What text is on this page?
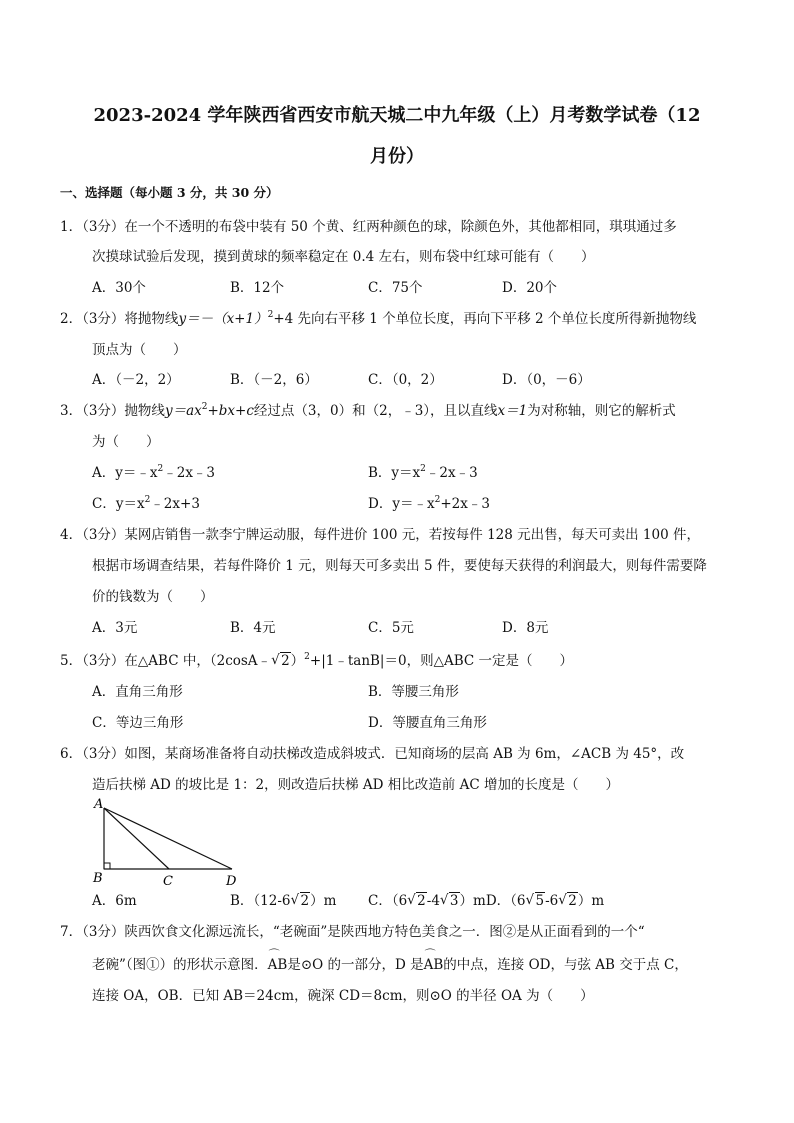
2023-2024 学年陕西省西安市航天城二中九年级（上）月考数学试卷（12
月份）
一、选择题（每小题 3 分，共 30 分）
1．（3分）在一个不透明的布袋中装有 50 个黄、红两种颜色的球，除颜色外，其他都相同，琪琪通过多
次摸球试验后发现，摸到黄球的频率稳定在 0.4 左右，则布袋中红球可能有（　　）
A．30个	B．12个	C．75个	D．20个
2．（3分）将抛物线$y=-(x+1)^2+4$ 先向右平移 1 个单位长度，再向下平移 2 个单位长度所得新抛物线
顶点为（　　）
A．（－2，2）	B．（－2，6）	C．（0，2）	D．（0，－6）
3．（3分）抛物线$y=ax^2+bx+c$经过点（3，0）和（2，﹣3），且以直线x＝1为对称轴，则它的解析式
为（　　）
A．$y=﹣x^2﹣2x﹣3$	B．$y=x^2﹣2x﹣3$
C．$y=x^2﹣2x+3$	D．$y=﹣x^2+2x﹣3$
4．（3分）某网店销售一款李宁牌运动服，每件进价 100 元，若按每件 128 元出售，每天可卖出 100 件，
根据市场调查结果，若每件降价 1 元，则每天可多卖出 5 件，要使每天获得的利润最大，则每件需要降
价的钱数为（　　）
A．3元	B．4元	C．5元	D．8元
5．（3分）在△ABC 中，（2cosA﹣ √ 2）$^2$+|1﹣tanB|＝0，则△ABC 一定是（　　）
A．直角三角形	B．等腰三角形
C．等边三角形	D．等腰直角三角形
6．（3分）如图，某商场准备将自动扶梯改造成斜坡式．已知商场的层高 AB 为 6m，∠ACB 为 45°，改
造后扶梯 AD 的坡比是 1：2，则改造后扶梯 AD 相比改造前 AC 增加的长度是（　　）
A
B	C	D
A．6m	B．（12-6 √ 2）m C．（6 √ 2-4 √ 3）mD．（6 √ 5-6 √ 2）m
7．（3分）陕西饮食文化源远流长，“老碗面”是陕西地方特色美食之一．图②是从正面看到的一个“
老碗”（图①）的形状示意图．⌒ AB是⊙O 的一部分，D 是⌒ AB的中点，连接 OD，与弦 AB 交于点 C，
连接 OA，OB．已知 AB＝24cm，碗深 CD＝8cm，则⊙O 的半径 OA 为（　　）
